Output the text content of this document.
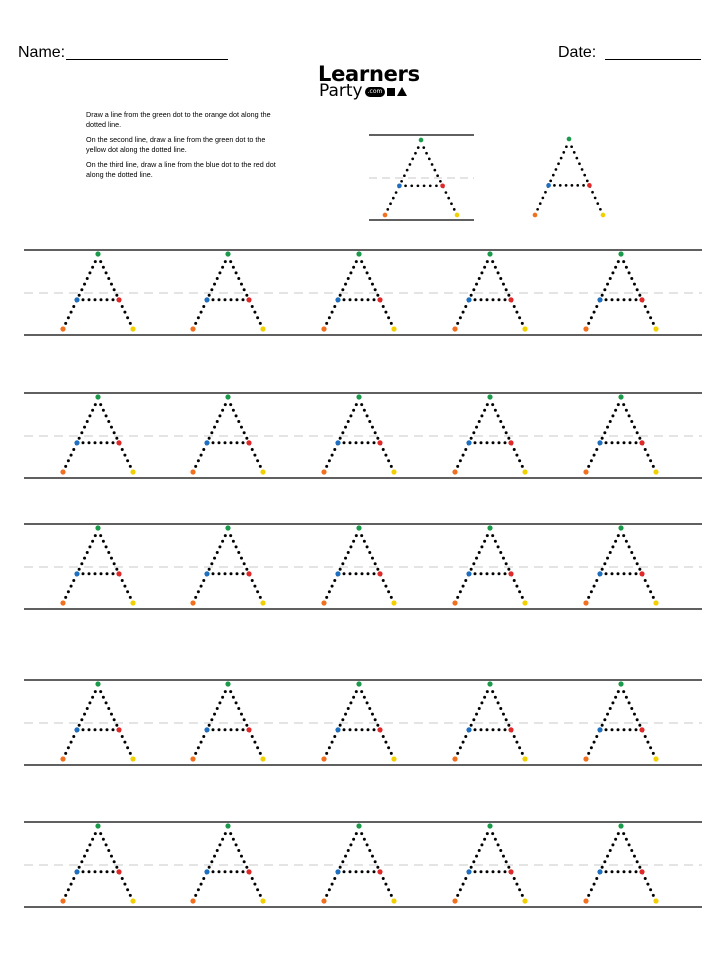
Name:	Date:
Learners
Party .com

Draw a line from the green dot to the orange dot along the dotted line.

On the second line, draw a line from the green dot to the yellow dot along the dotted line.

On the third line, draw a line from the blue dot to the red dot along the dotted line.
